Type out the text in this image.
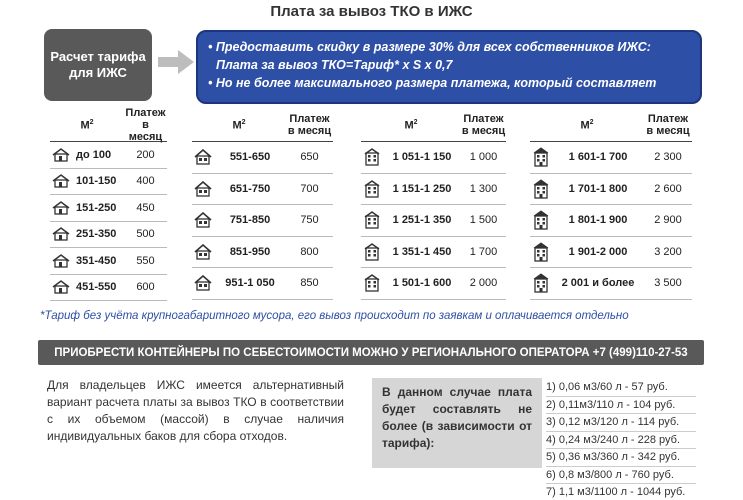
Плата за вывоз ТКО в ИЖС
Расчет тарифа для ИЖС
• Предоставить скидку в размере 30% для всех собственников ИЖС:
Плата за вывоз ТКО=Тариф* х S х 0,7
• Но не более максимального размера платежа, который составляет
$М^2$
Платеж в месяц
до 100	200
101-150	400
151-250	450
251-350	500
351-450	550
451-550	600
$М^2$	Платеж в месяц
551-650	650
651-750	700
751-850	750
851-950	800
951-1 050	850
$М^2$	Платеж в месяц
1 051-1 150	1 000
1 151-1 250	1 300
1 251-1 350	1 500
1 351-1 450	1 700
1 501-1 600	2 000
$М^2$	Платеж в месяц
1 601-1 700	2 300
1 701-1 800	2 600
1 801-1 900	2 900
1 901-2 000	3 200
2 001 и более	3 500
*Тариф без учёта крупногабаритного мусора, его вывоз происходит по заявкам и оплачивается отдельно
ПРИОБРЕСТИ КОНТЕЙНЕРЫ ПО СЕБЕСТОИМОСТИ МОЖНО У РЕГИОНАЛЬНОГО ОПЕРАТОРА +7 (499)110-27-53
Для владельцев ИЖС имеется альтернативный вариант расчета платы за вывоз ТКО в соответствии с их объемом (массой) в случае наличия индивидуальных баков для сбора отходов.
В данном случае плата будет составлять не более (в зависимости от тарифа):
1) 0,06 м3/60 л - 57 руб.
2) 0,11м3/110 л - 104 руб.
3) 0,12 м3/120 л - 114 руб.
4) 0,24 м3/240 л - 228 руб.
5) 0,36 м3/360 л - 342 руб.
6) 0,8 м3/800 л - 760 руб.
7) 1,1 м3/1100 л - 1044 руб.
